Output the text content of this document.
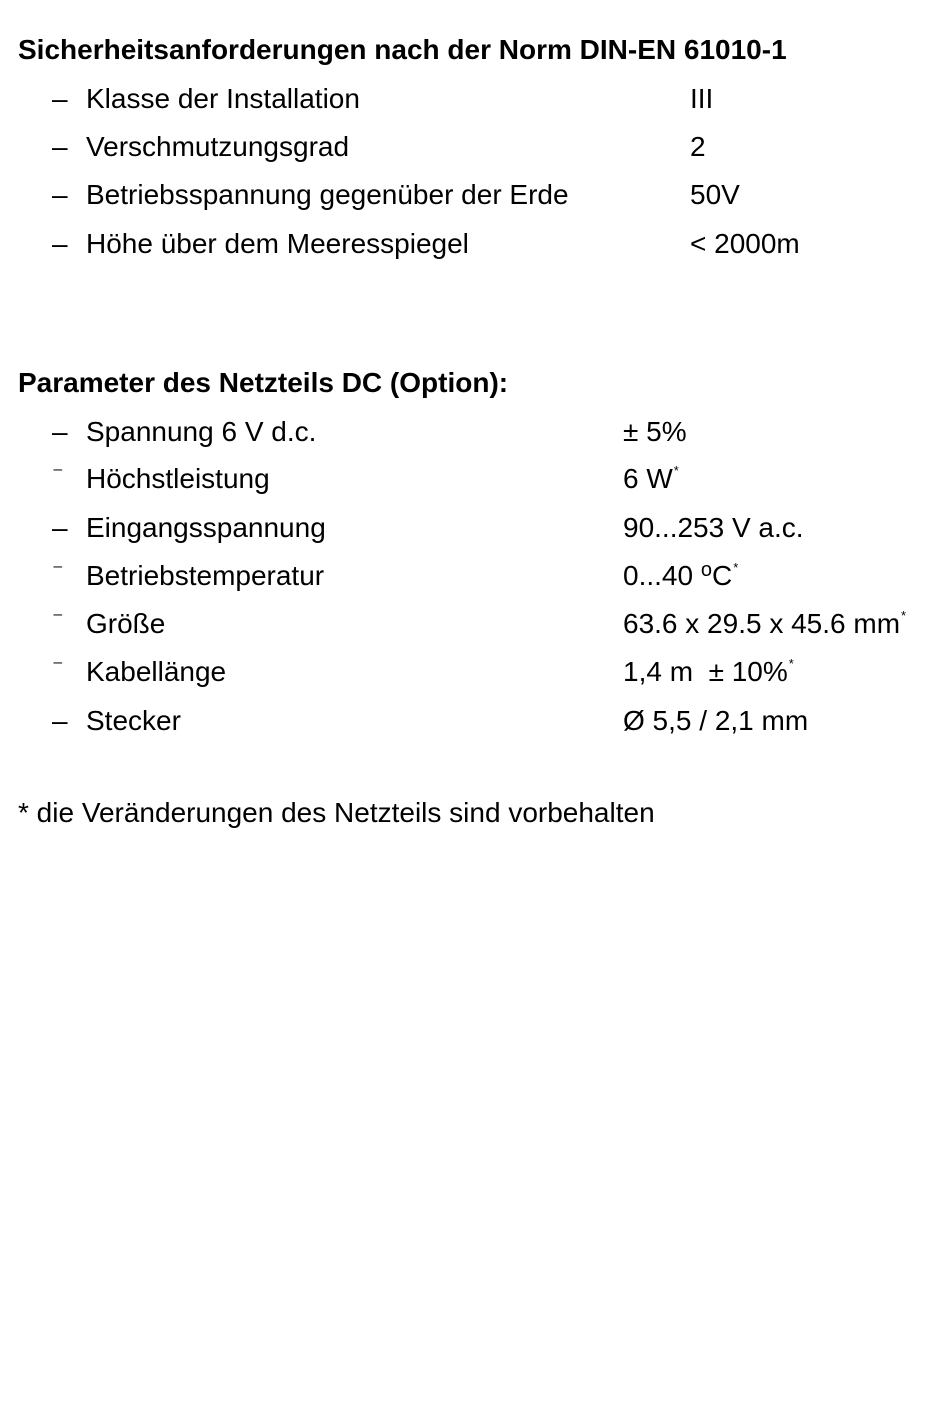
Sicherheitsanforderungen nach der Norm DIN-EN 61010-1
– Klasse der Installation	III
– Verschmutzungsgrad	2
– Betriebsspannung gegenüber der Erde	50V
– Höhe über dem Meeresspiegel	< 2000m
Parameter des Netzteils DC (Option):
– Spannung 6 V d.c.	± 5%
⁻ Höchstleistung	6 W*
– Eingangsspannung	90...253 V a.c.
⁻ Betriebstemperatur	0...40 $^o$C*
⁻ Größe	63.6 x 29.5 x 45.6 mm*
⁻ Kabellänge	1,4 m  ± 10%*
– Stecker	Ø 5,5 / 2,1 mm
* die Veränderungen des Netzteils sind vorbehalten
